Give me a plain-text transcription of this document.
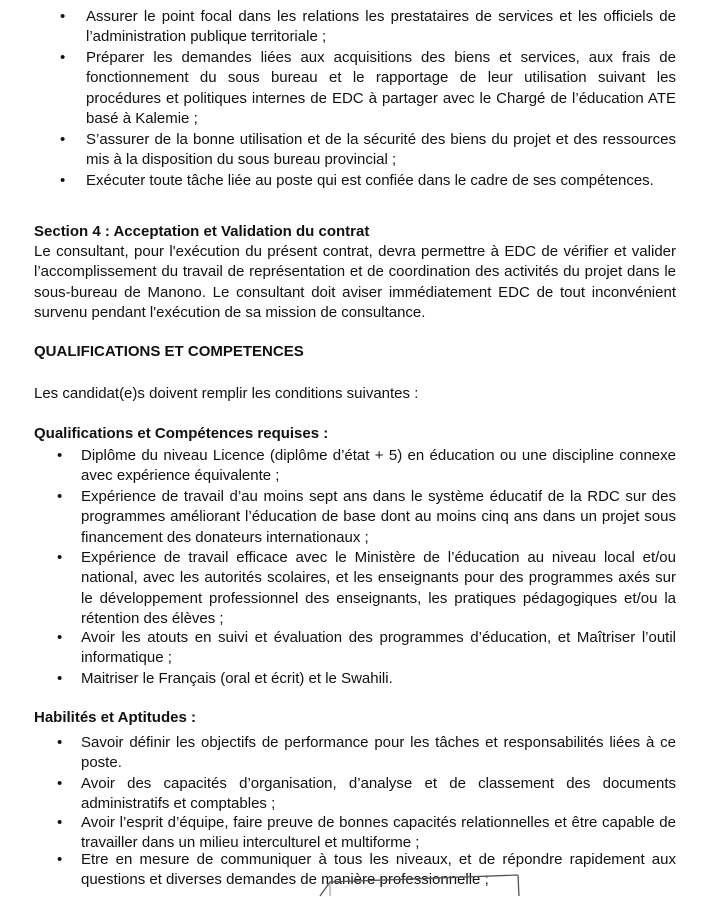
• Assurer le point focal dans les relations les prestataires de services et les officiels de l’administration publique territoriale ;
• Préparer les demandes liées aux acquisitions des biens et services, aux frais de fonctionnement du sous bureau et le rapportage de leur utilisation suivant les procédures et politiques internes de EDC à partager avec le Chargé de l’éducation ATE basé à Kalemie ;
• S’assurer de la bonne utilisation et de la sécurité des biens du projet et des ressources mis à la disposition du sous bureau provincial ;
• Exécuter toute tâche liée au poste qui est confiée dans le cadre de ses compétences.
Section 4 : Acceptation et Validation du contrat
Le consultant, pour l'exécution du présent contrat, devra permettre à EDC de vérifier et valider l’accomplissement du travail de représentation et de coordination des activités du projet dans le sous-bureau de Manono. Le consultant doit aviser immédiatement EDC de tout inconvénient survenu pendant l'exécution de sa mission de consultance.
QUALIFICATIONS ET COMPETENCES
Les candidat(e)s doivent remplir les conditions suivantes :
Qualifications et Compétences requises :
• Diplôme du niveau Licence (diplôme d’état + 5) en éducation ou une discipline connexe avec expérience équivalente ;
• Expérience de travail d’au moins sept ans dans le système éducatif de la RDC sur des programmes améliorant l’éducation de base dont au moins cinq ans dans un projet sous financement des donateurs internationaux ;
• Expérience de travail efficace avec le Ministère de l’éducation au niveau local et/ou national, avec les autorités scolaires, et les enseignants pour des programmes axés sur le développement professionnel des enseignants, les pratiques pédagogiques et/ou la rétention des élèves ;
• Avoir les atouts en suivi et évaluation des programmes d’éducation, et Maîtriser l’outil informatique ;
• Maitriser le Français (oral et écrit) et le Swahili.
Habilités et Aptitudes :
• Savoir définir les objectifs de performance pour les tâches et responsabilités liées à ce poste.
• Avoir des capacités d’organisation, d’analyse et de classement des documents administratifs et comptables ;
• Avoir l’esprit d’équipe, faire preuve de bonnes capacités relationnelles et être capable de travailler dans un milieu interculturel et multiforme ;
• Etre en mesure de communiquer à tous les niveaux, et de répondre rapidement aux questions et diverses demandes de manière professionnelle ;
